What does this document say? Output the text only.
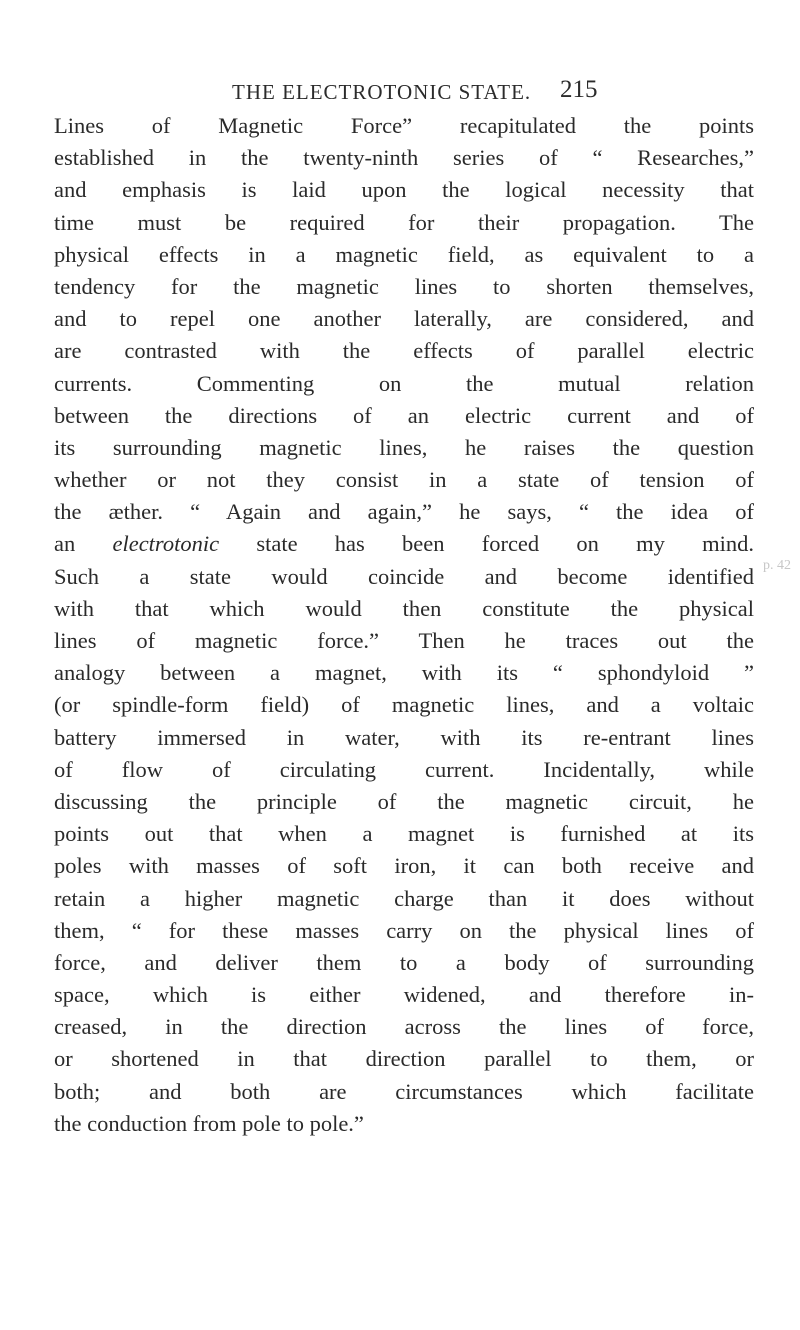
THE ELECTROTONIC STATE. 215
Lines of Magnetic Force” recapitulated the points
established in the twenty-ninth series of “ Researches,”
and emphasis is laid upon the logical necessity that
time must be required for their propagation. The
physical effects in a magnetic field, as equivalent to a
tendency for the magnetic lines to shorten themselves,
and to repel one another laterally, are considered, and
are contrasted with the effects of parallel electric
currents. Commenting on the mutual relation
between the directions of an electric current and of
its surrounding magnetic lines, he raises the question
whether or not they consist in a state of tension of
the æther. “ Again and again,” he says, “ the idea of
an electrotonic state has been forced on my mind.
Such a state would coincide and become identified
with that which would then constitute the physical
lines of magnetic force.” Then he traces out the
analogy between a magnet, with its “ sphondyloid ”
(or spindle-form field) of magnetic lines, and a voltaic
battery immersed in water, with its re-entrant lines
of flow of circulating current. Incidentally, while
discussing the principle of the magnetic circuit, he
points out that when a magnet is furnished at its
poles with masses of soft iron, it can both receive and
retain a higher magnetic charge than it does without
them, “ for these masses carry on the physical lines of
force, and deliver them to a body of surrounding
space, which is either widened, and therefore in-
creased, in the direction across the lines of force,
or shortened in that direction parallel to them, or
both; and both are circumstances which facilitate
the conduction from pole to pole.”
p. 42
